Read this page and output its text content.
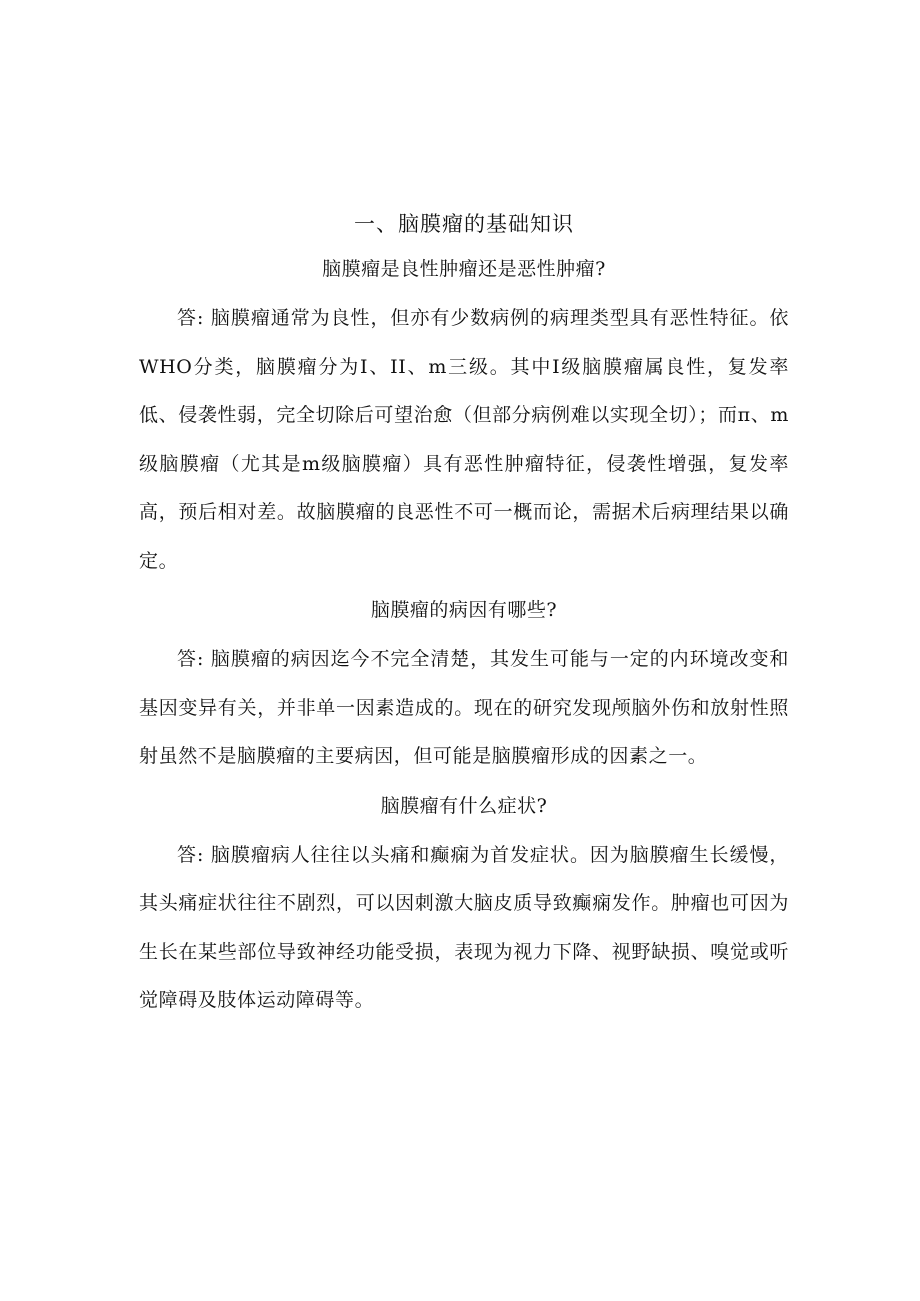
一、脑膜瘤的基础知识
脑膜瘤是良性肿瘤还是恶性肿瘤?

答: 脑膜瘤通常为良性，但亦有少数病例的病理类型具有恶性特征。依WHO分类，脑膜瘤分为Ⅰ、II、m三级。其中Ⅰ级脑膜瘤属良性，复发率低、侵袭性弱，完全切除后可望治愈（但部分病例难以实现全切）；而π、m级脑膜瘤（尤其是m级脑膜瘤）具有恶性肿瘤特征，侵袭性增强，复发率高，预后相对差。故脑膜瘤的良恶性不可一概而论，需据术后病理结果以确定。

脑膜瘤的病因有哪些?

答: 脑膜瘤的病因迄今不完全清楚，其发生可能与一定的内环境改变和基因变异有关，并非单一因素造成的。现在的研究发现颅脑外伤和放射性照射虽然不是脑膜瘤的主要病因，但可能是脑膜瘤形成的因素之一。

脑膜瘤有什么症状?

答: 脑膜瘤病人往往以头痛和癫痫为首发症状。因为脑膜瘤生长缓慢，其头痛症状往往不剧烈，可以因刺激大脑皮质导致癫痫发作。肿瘤也可因为生长在某些部位导致神经功能受损，表现为视力下降、视野缺损、嗅觉或听觉障碍及肢体运动障碍等。
